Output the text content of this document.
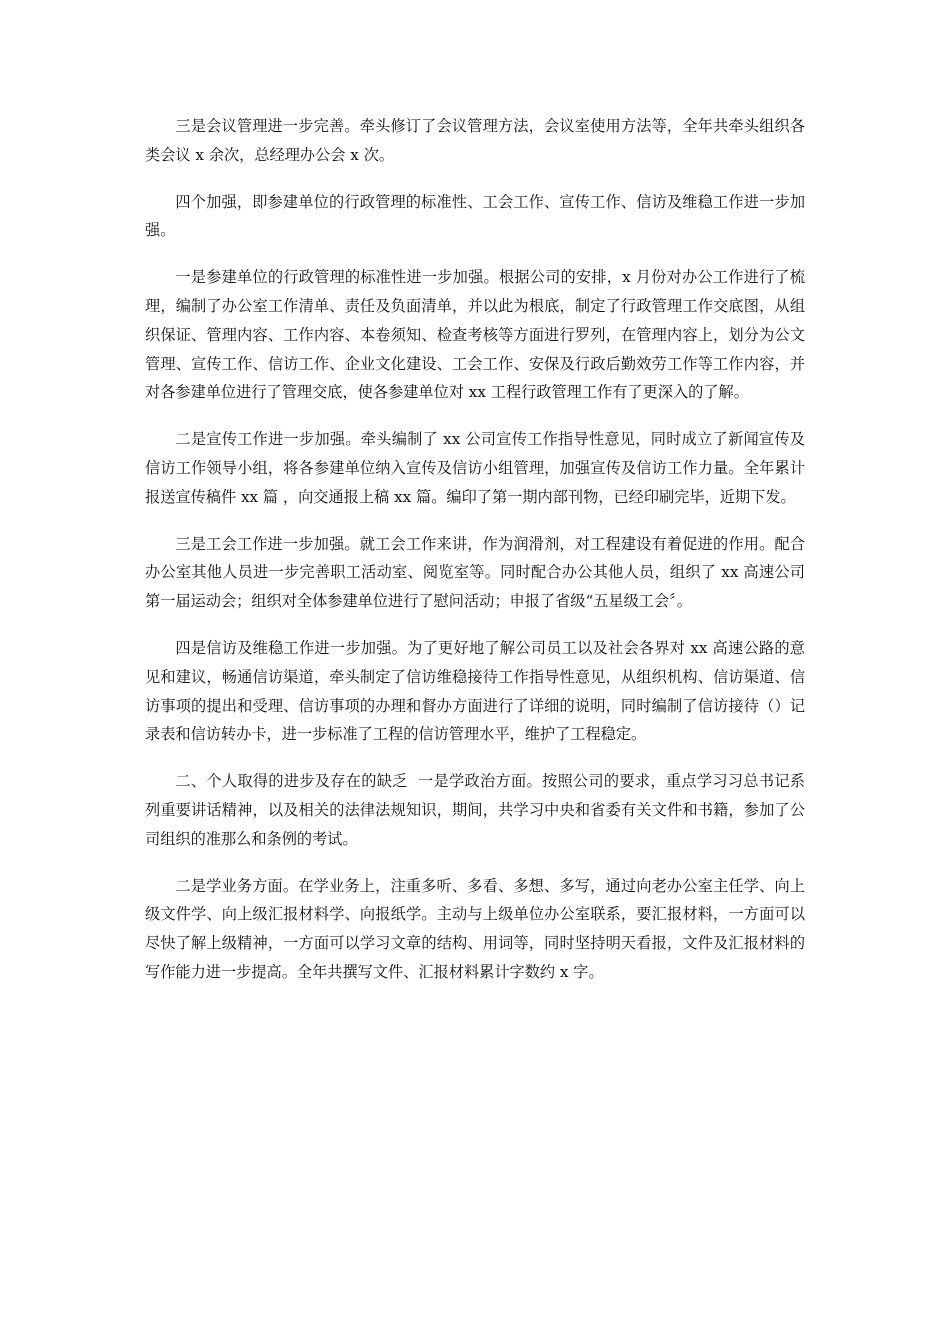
三是会议管理进一步完善。牵头修订了会议管理方法，会议室使用方法等，全年共牵头组织各类会议 x 余次，总经理办公会 x 次。

四个加强，即参建单位的行政管理的标准性、工会工作、宣传工作、信访及维稳工作进一步加强。

一是参建单位的行政管理的标准性进一步加强。根据公司的安排，x 月份对办公工作进行了梳理，编制了办公室工作清单、责任及负面清单，并以此为根底，制定了行政管理工作交底图，从组织保证、管理内容、工作内容、本卷须知、检查考核等方面进行罗列，在管理内容上，划分为公文管理、宣传工作、信访工作、企业文化建设、工会工作、安保及行政后勤效劳工作等工作内容，并对各参建单位进行了管理交底，使各参建单位对 xx 工程行政管理工作有了更深入的了解。

二是宣传工作进一步加强。牵头编制了 xx 公司宣传工作指导性意见，同时成立了新闻宣传及信访工作领导小组，将各参建单位纳入宣传及信访小组管理，加强宣传及信访工作力量。全年累计报送宣传稿件 xx 篇 ，向交通报上稿 xx 篇。编印了第一期内部刊物，已经印刷完毕，近期下发。

三是工会工作进一步加强。就工会工作来讲，作为润滑剂，对工程建设有着促进的作用。配合办公室其他人员进一步完善职工活动室、阅览室等。同时配合办公其他人员，组织了 xx 高速公司第一届运动会；组织对全体参建单位进行了慰问活动；申报了省级“五星级工会〞。

四是信访及维稳工作进一步加强。为了更好地了解公司员工以及社会各界对 xx 高速公路的意见和建议，畅通信访渠道，牵头制定了信访维稳接待工作指导性意见，从组织机构、信访渠道、信访事项的提出和受理、信访事项的办理和督办方面进行了详细的说明，同时编制了信访接待（）记录表和信访转办卡，进一步标准了工程的信访管理水平，维护了工程稳定。

二、个人取得的进步及存在的缺乏  一是学政治方面。按照公司的要求，重点学习习总书记系列重要讲话精神，以及相关的法律法规知识，期间，共学习中央和省委有关文件和书籍，参加了公司组织的准那么和条例的考试。

二是学业务方面。在学业务上，注重多听、多看、多想、多写，通过向老办公室主任学、向上级文件学、向上级汇报材料学、向报纸学。主动与上级单位办公室联系，要汇报材料，一方面可以尽快了解上级精神，一方面可以学习文章的结构、用词等，同时坚持明天看报，文件及汇报材料的写作能力进一步提高。全年共撰写文件、汇报材料累计字数约 x 字。
